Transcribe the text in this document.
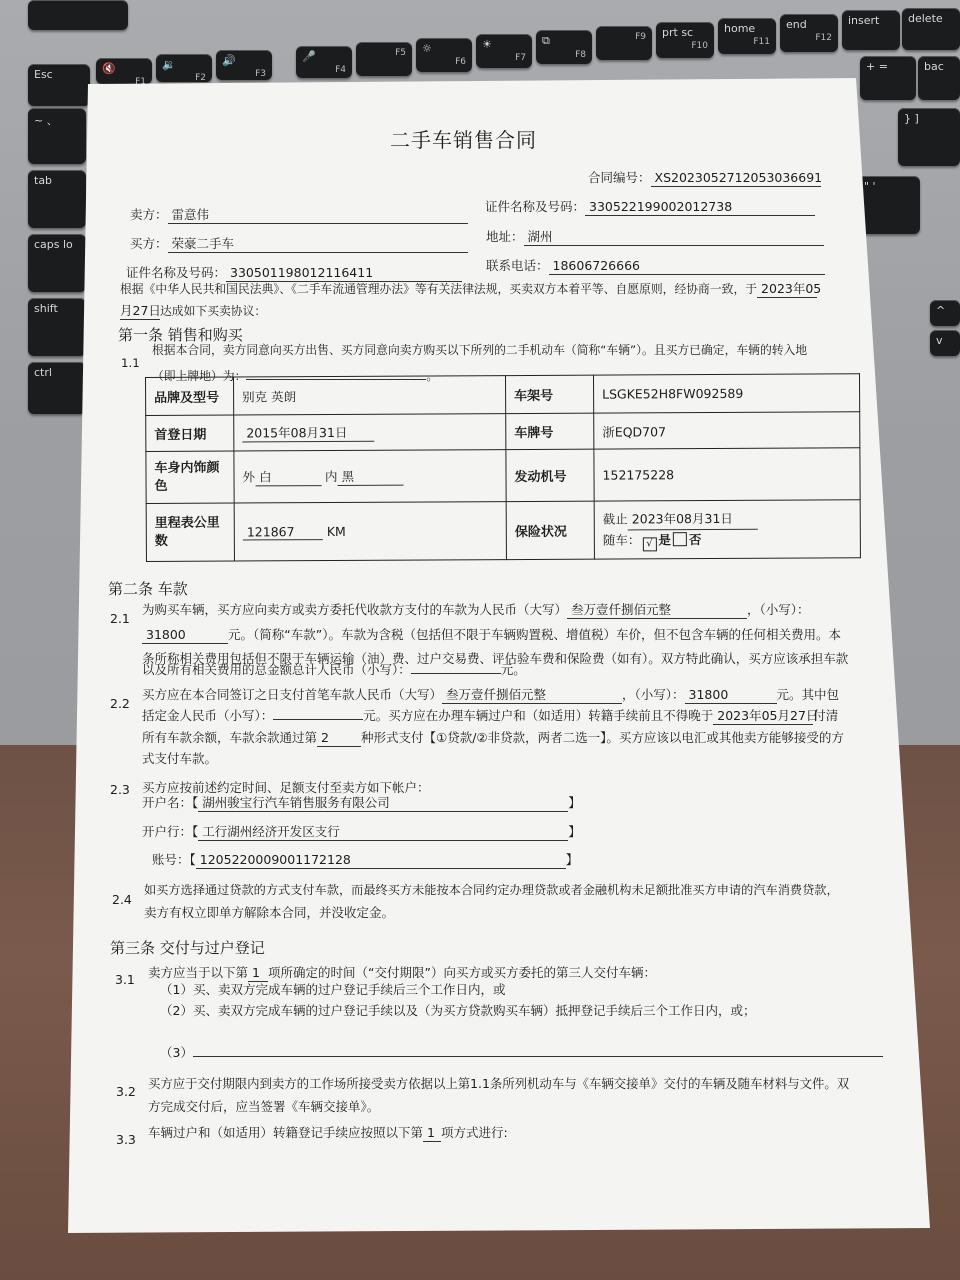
Esc
insert	delete
end
F12
home
F11
prt sc
F10
F9
⧉
F8
☀
F7
☼
F6
F5
🎤
F4
🔊
F3
🔉
F2
🔇
F1
~ 、
tab
caps lo
shift
ctrl
+ =	bac
} ]
" '
^
v
二手车销售合同
合同编号： XS2023052712053036691
卖方： 雷意伟
证件名称及号码： 330522199002012738
买方： 荣豪二手车	地址： 湖州
证件名称及号码： 330501198012116411	联系电话： 18606726666
根据《中华人民共和国民法典》、《二手车流通管理办法》等有关法律法规，买卖双方本着平等、自愿原则，经协商一致，于 2023年05
月27日达成如下买卖协议：
第一条 销售和购买
1.1
根据本合同，卖方同意向买方出售、买方同意向卖方购买以下所列的二手机动车（简称“车辆”）。且买方已确定，车辆的转入地
（即上牌地）为：	。
品牌及型号	别克 英朗	车架号	LSGKE52H8FW092589
首登日期	2015年08月31日	车牌号	浙EQD707
车身内饰颜色	外 白 内 黑	发动机号	152175228
里程表公里数	121867 KM	保险状况	截止 2023年08月31日
随车： √ 是 否
第二条 车款
2.1
为购买车辆，买方应向卖方或卖方委托代收款方支付的车款为人民币（大写） 叁万壹仟捌佰元整	，（小写）：
31800	元。（简称“车款”）。车款为含税（包括但不限于车辆购置税、增值税）车价，但不包含车辆的任何相关费用。本
条所称相关费用包括但不限于车辆运输（油）费、过户交易费、评估验车费和保险费（如有）。双方特此确认，买方应该承担车款
以及所有相关费用的总金额总计人民币（小写）：	元。
2.2
买方应在本合同签订之日支付首笔车款人民币（大写） 叁万壹仟捌佰元整	，（小写）： 31800	元。其中包
括定金人民币（小写）：	元。买方应在办理车辆过户和（如适用）转籍手续前且不得晚于 2023年05月27日付清
所有车款余额，车款余款通过第 2	种形式支付【①贷款/②非贷款，两者二选一】。买方应该以电汇或其他卖方能够接受的方
式支付车款。
2.3 买方应按前述约定时间、足额支付至卖方如下帐户：
开户名：【 湖州骏宝行汽车销售服务有限公司	】
开户行：【 工行湖州经济开发区支行	】
账号：【 1205220009001172128	】
2.4
如买方选择通过贷款的方式支付车款，而最终买方未能按本合同约定办理贷款或者金融机构未足额批准买方申请的汽车消费贷款，
卖方有权立即单方解除本合同，并没收定金。
第三条 交付与过户登记
3.1 卖方应当于以下第 1 项所确定的时间（“交付期限”）向买方或买方委托的第三人交付车辆：
（1）买、卖双方完成车辆的过户登记手续后三个工作日内，或
（2）买、卖双方完成车辆的过户登记手续以及（为买方贷款购买车辆）抵押登记手续后三个工作日内，或；
（3）
3.2
买方应于交付期限内到卖方的工作场所接受卖方依据以上第1.1条所列机动车与《车辆交接单》交付的车辆及随车材料与文件。双
方完成交付后，应当签署《车辆交接单》。
3.3 车辆过户和（如适用）转籍登记手续应按照以下第 1 项方式进行:
